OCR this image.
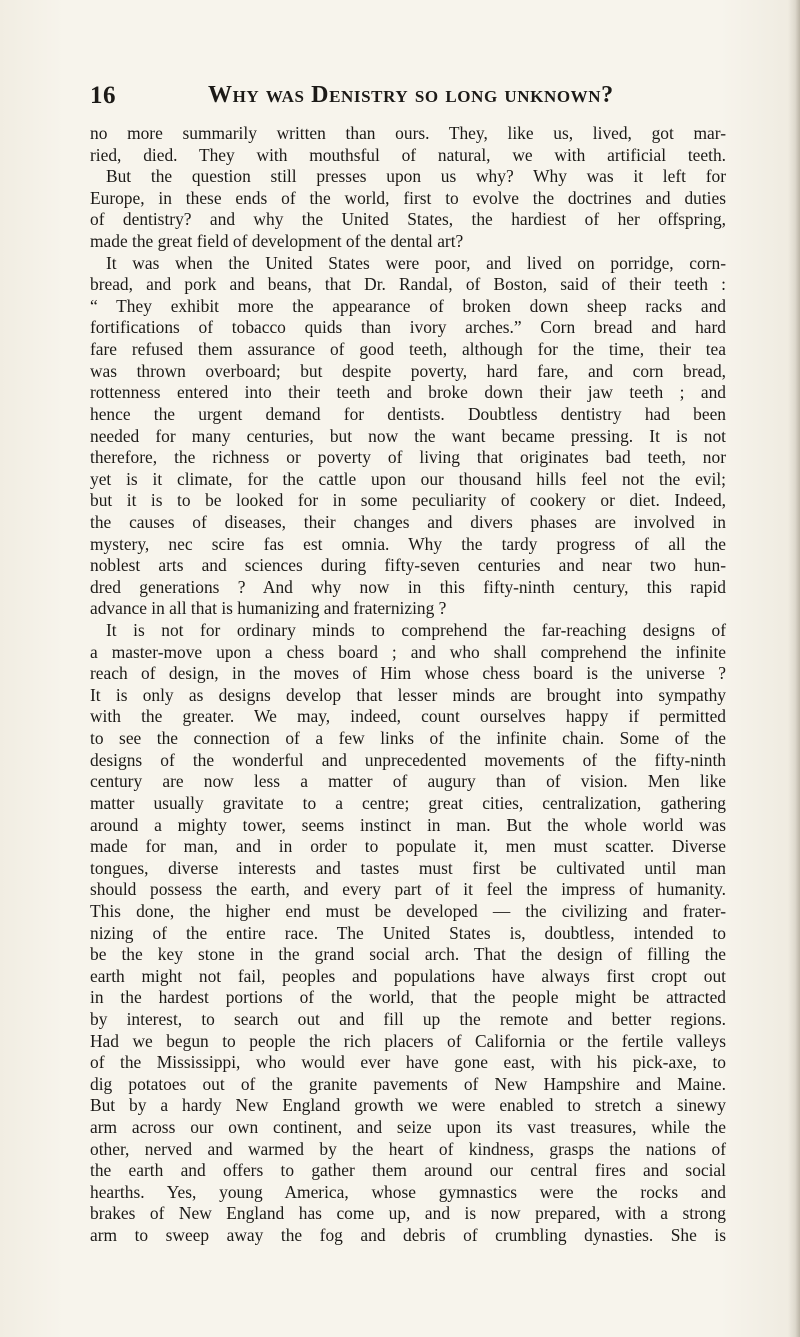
16	Why was Denistry so long unknown?
no more summarily written than ours. They, like us, lived, got mar-
ried, died. They with mouthsful of natural, we with artificial teeth.
But the question still presses upon us why? Why was it left for
Europe, in these ends of the world, first to evolve the doctrines and duties
of dentistry? and why the United States, the hardiest of her offspring,
made the great field of development of the dental art?
It was when the United States were poor, and lived on porridge, corn-
bread, and pork and beans, that Dr. Randal, of Boston, said of their teeth :
“ They exhibit more the appearance of broken down sheep racks and
fortifications of tobacco quids than ivory arches.” Corn bread and hard
fare refused them assurance of good teeth, although for the time, their tea
was thrown overboard; but despite poverty, hard fare, and corn bread,
rottenness entered into their teeth and broke down their jaw teeth ; and
hence the urgent demand for dentists. Doubtless dentistry had been
needed for many centuries, but now the want became pressing. It is not
therefore, the richness or poverty of living that originates bad teeth, nor
yet is it climate, for the cattle upon our thousand hills feel not the evil;
but it is to be looked for in some peculiarity of cookery or diet. Indeed,
the causes of diseases, their changes and divers phases are involved in
mystery, nec scire fas est omnia. Why the tardy progress of all the
noblest arts and sciences during fifty-seven centuries and near two hun-
dred generations ? And why now in this fifty-ninth century, this rapid
advance in all that is humanizing and fraternizing ?
It is not for ordinary minds to comprehend the far-reaching designs of
a master-move upon a chess board ; and who shall comprehend the infinite
reach of design, in the moves of Him whose chess board is the universe ?
It is only as designs develop that lesser minds are brought into sympathy
with the greater. We may, indeed, count ourselves happy if permitted
to see the connection of a few links of the infinite chain. Some of the
designs of the wonderful and unprecedented movements of the fifty-ninth
century are now less a matter of augury than of vision. Men like
matter usually gravitate to a centre; great cities, centralization, gathering
around a mighty tower, seems instinct in man. But the whole world was
made for man, and in order to populate it, men must scatter. Diverse
tongues, diverse interests and tastes must first be cultivated until man
should possess the earth, and every part of it feel the impress of humanity.
This done, the higher end must be developed — the civilizing and frater-
nizing of the entire race. The United States is, doubtless, intended to
be the key stone in the grand social arch. That the design of filling the
earth might not fail, peoples and populations have always first cropt out
in the hardest portions of the world, that the people might be attracted
by interest, to search out and fill up the remote and better regions.
Had we begun to people the rich placers of California or the fertile valleys
of the Mississippi, who would ever have gone east, with his pick-axe, to
dig potatoes out of the granite pavements of New Hampshire and Maine.
But by a hardy New England growth we were enabled to stretch a sinewy
arm across our own continent, and seize upon its vast treasures, while the
other, nerved and warmed by the heart of kindness, grasps the nations of
the earth and offers to gather them around our central fires and social
hearths. Yes, young America, whose gymnastics were the rocks and
brakes of New England has come up, and is now prepared, with a strong
arm to sweep away the fog and debris of crumbling dynasties. She is
